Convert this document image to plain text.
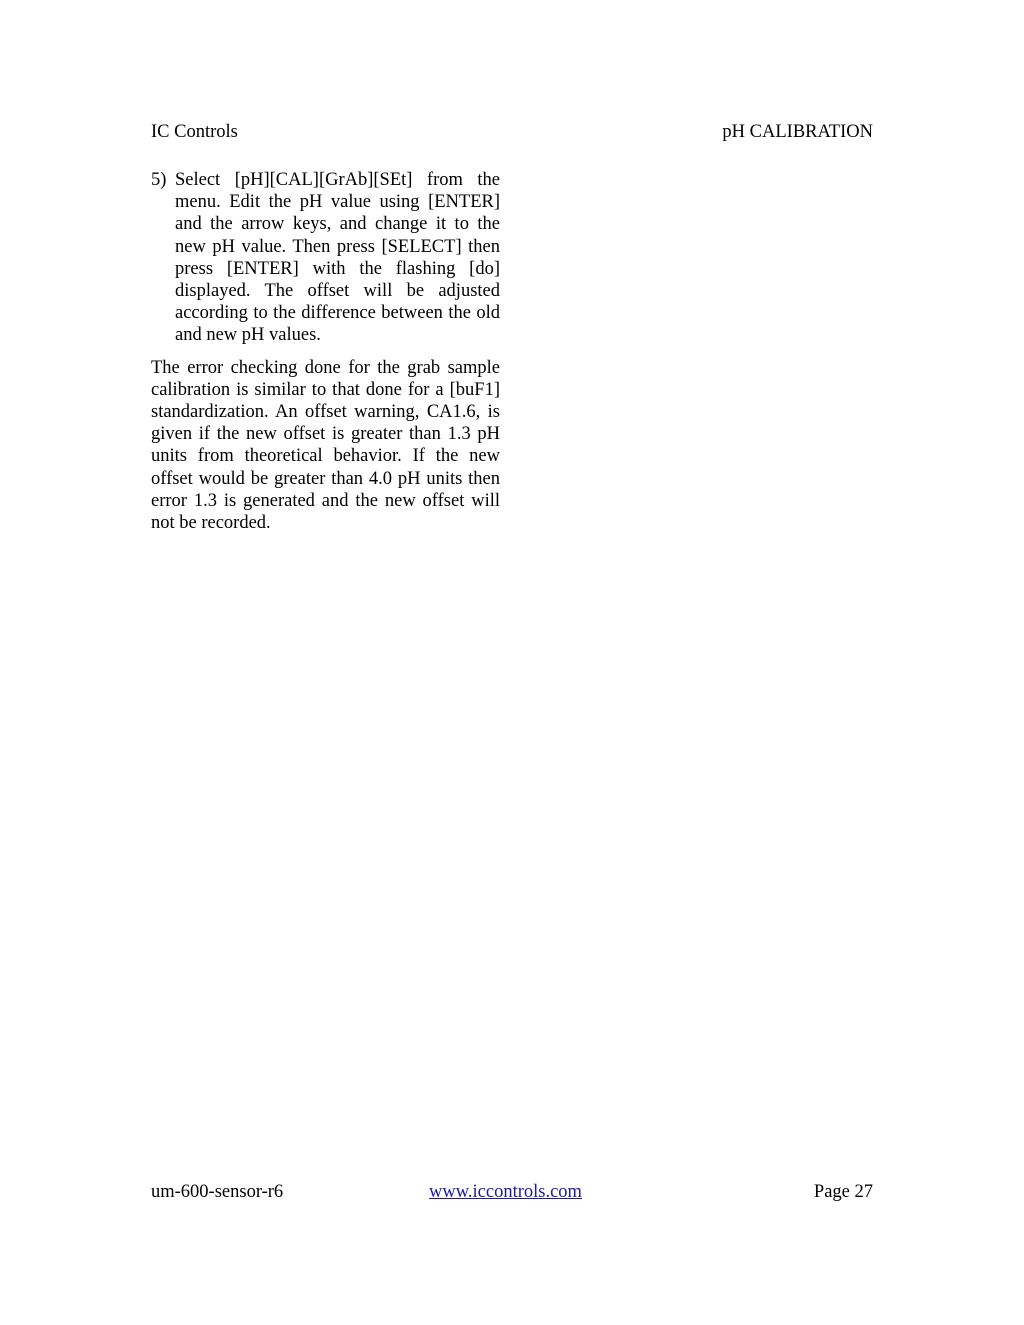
IC Controls	pH CALIBRATION
5) Select [pH][CAL][GrAb][SEt] from the menu. Edit the pH value using [ENTER] and the arrow keys, and change it to the new pH value. Then press [SELECT] then press [ENTER] with the flashing [do] displayed. The offset will be adjusted according to the difference between the old and new pH values.
The error checking done for the grab sample calibration is similar to that done for a [buF1] standardization. An offset warning, CA1.6, is given if the new offset is greater than 1.3 pH units from theoretical behavior. If the new offset would be greater than 4.0 pH units then error 1.3 is generated and the new offset will not be recorded.
um-600-sensor-r6	www.iccontrols.com	Page 27
